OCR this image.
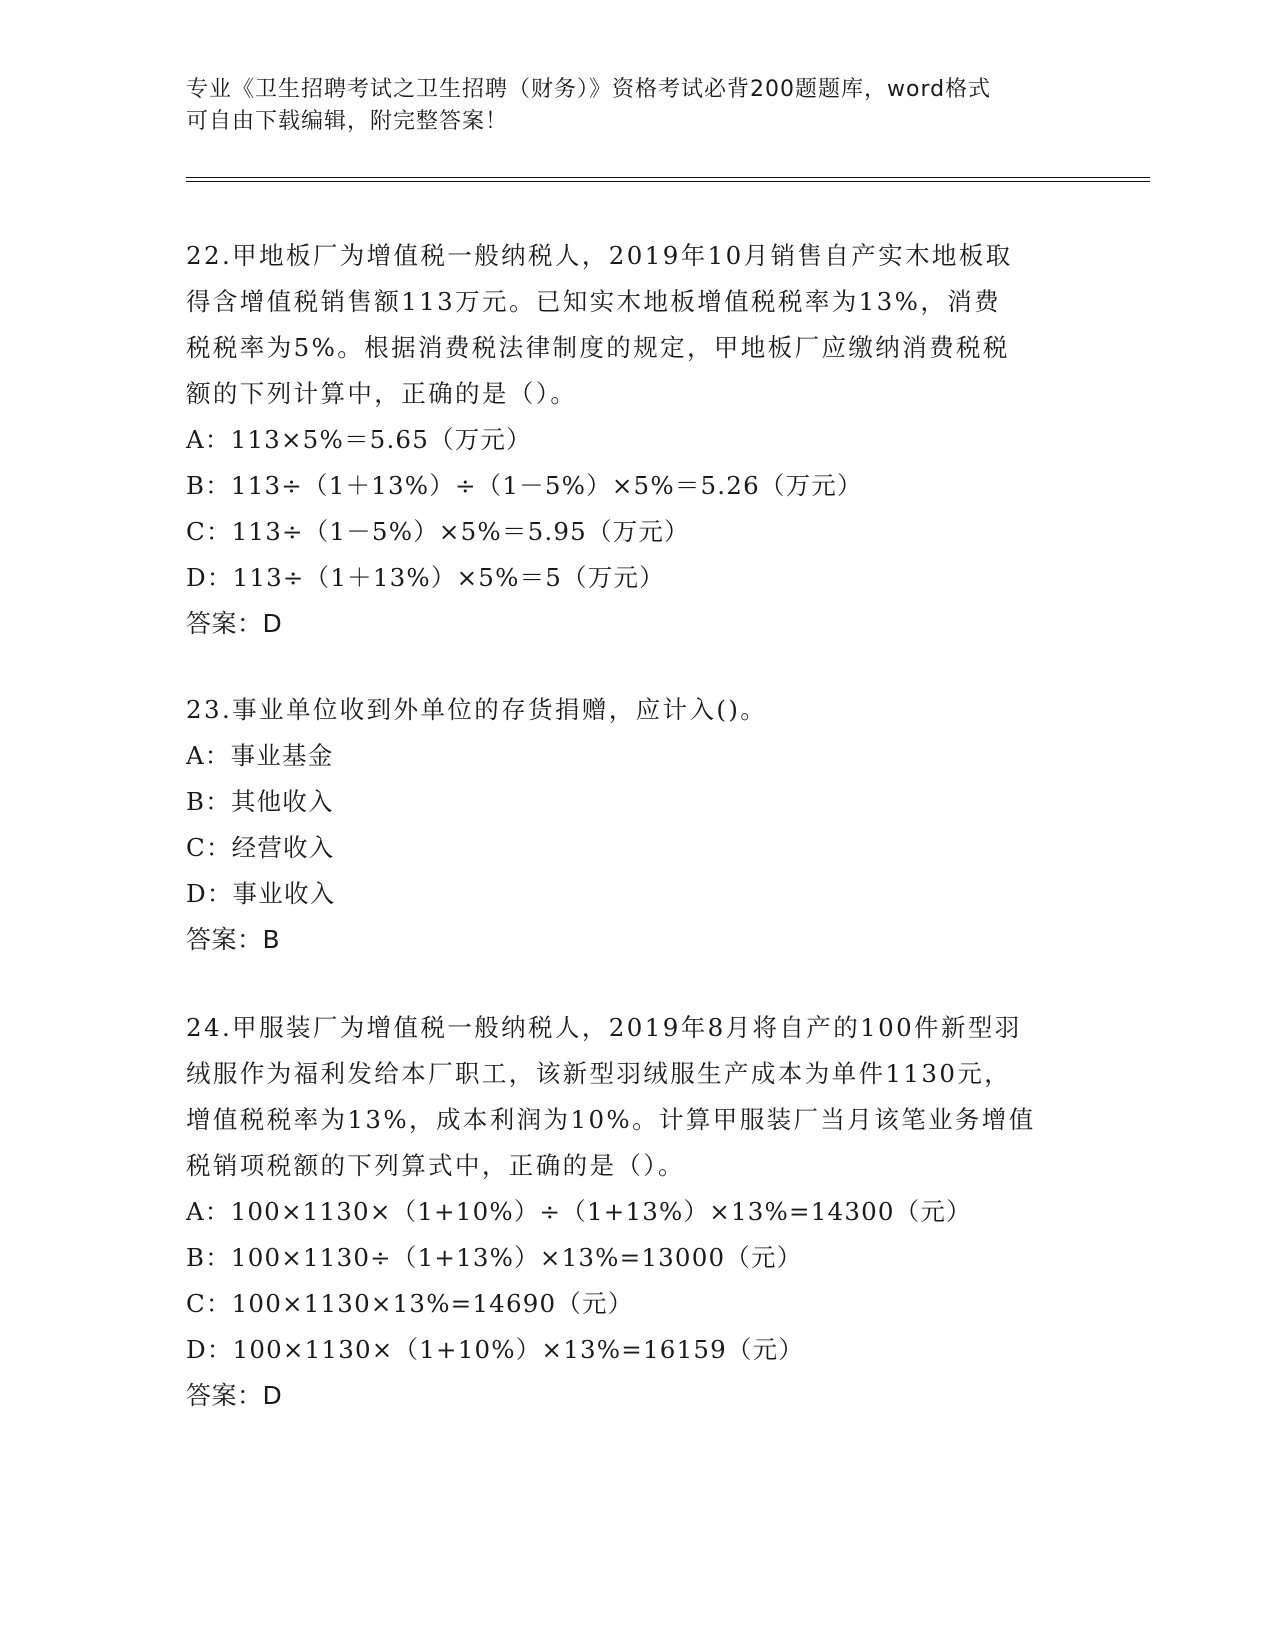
专业《卫生招聘考试之卫生招聘（财务）》资格考试必背200题题库，word格式
可自由下载编辑，附完整答案！
22.甲地板厂为增值税一般纳税人，2019年10月销售自产实木地板取
得含增值税销售额113万元。已知实木地板增值税税率为13%，消费
税税率为5%。根据消费税法律制度的规定，甲地板厂应缴纳消费税税
额的下列计算中，正确的是（）。
A：113×5%＝5.65（万元）
B：113÷（1＋13%）÷（1－5%）×5%＝5.26（万元）
C：113÷（1－5%）×5%＝5.95（万元）
D：113÷（1＋13%）×5%＝5（万元）
答案：D
23.事业单位收到外单位的存货捐赠，应计入()。
A：事业基金
B：其他收入
C：经营收入
D：事业收入
答案：B
24.甲服装厂为增值税一般纳税人，2019年8月将自产的100件新型羽
绒服作为福利发给本厂职工，该新型羽绒服生产成本为单件1130元，
增值税税率为13%，成本利润为10%。计算甲服装厂当月该笔业务增值
税销项税额的下列算式中，正确的是（）。
A：100×1130×（1+10%）÷（1+13%）×13%=14300（元）
B：100×1130÷（1+13%）×13%=13000（元）
C：100×1130×13%=14690（元）
D：100×1130×（1+10%）×13%=16159（元）
答案：D
